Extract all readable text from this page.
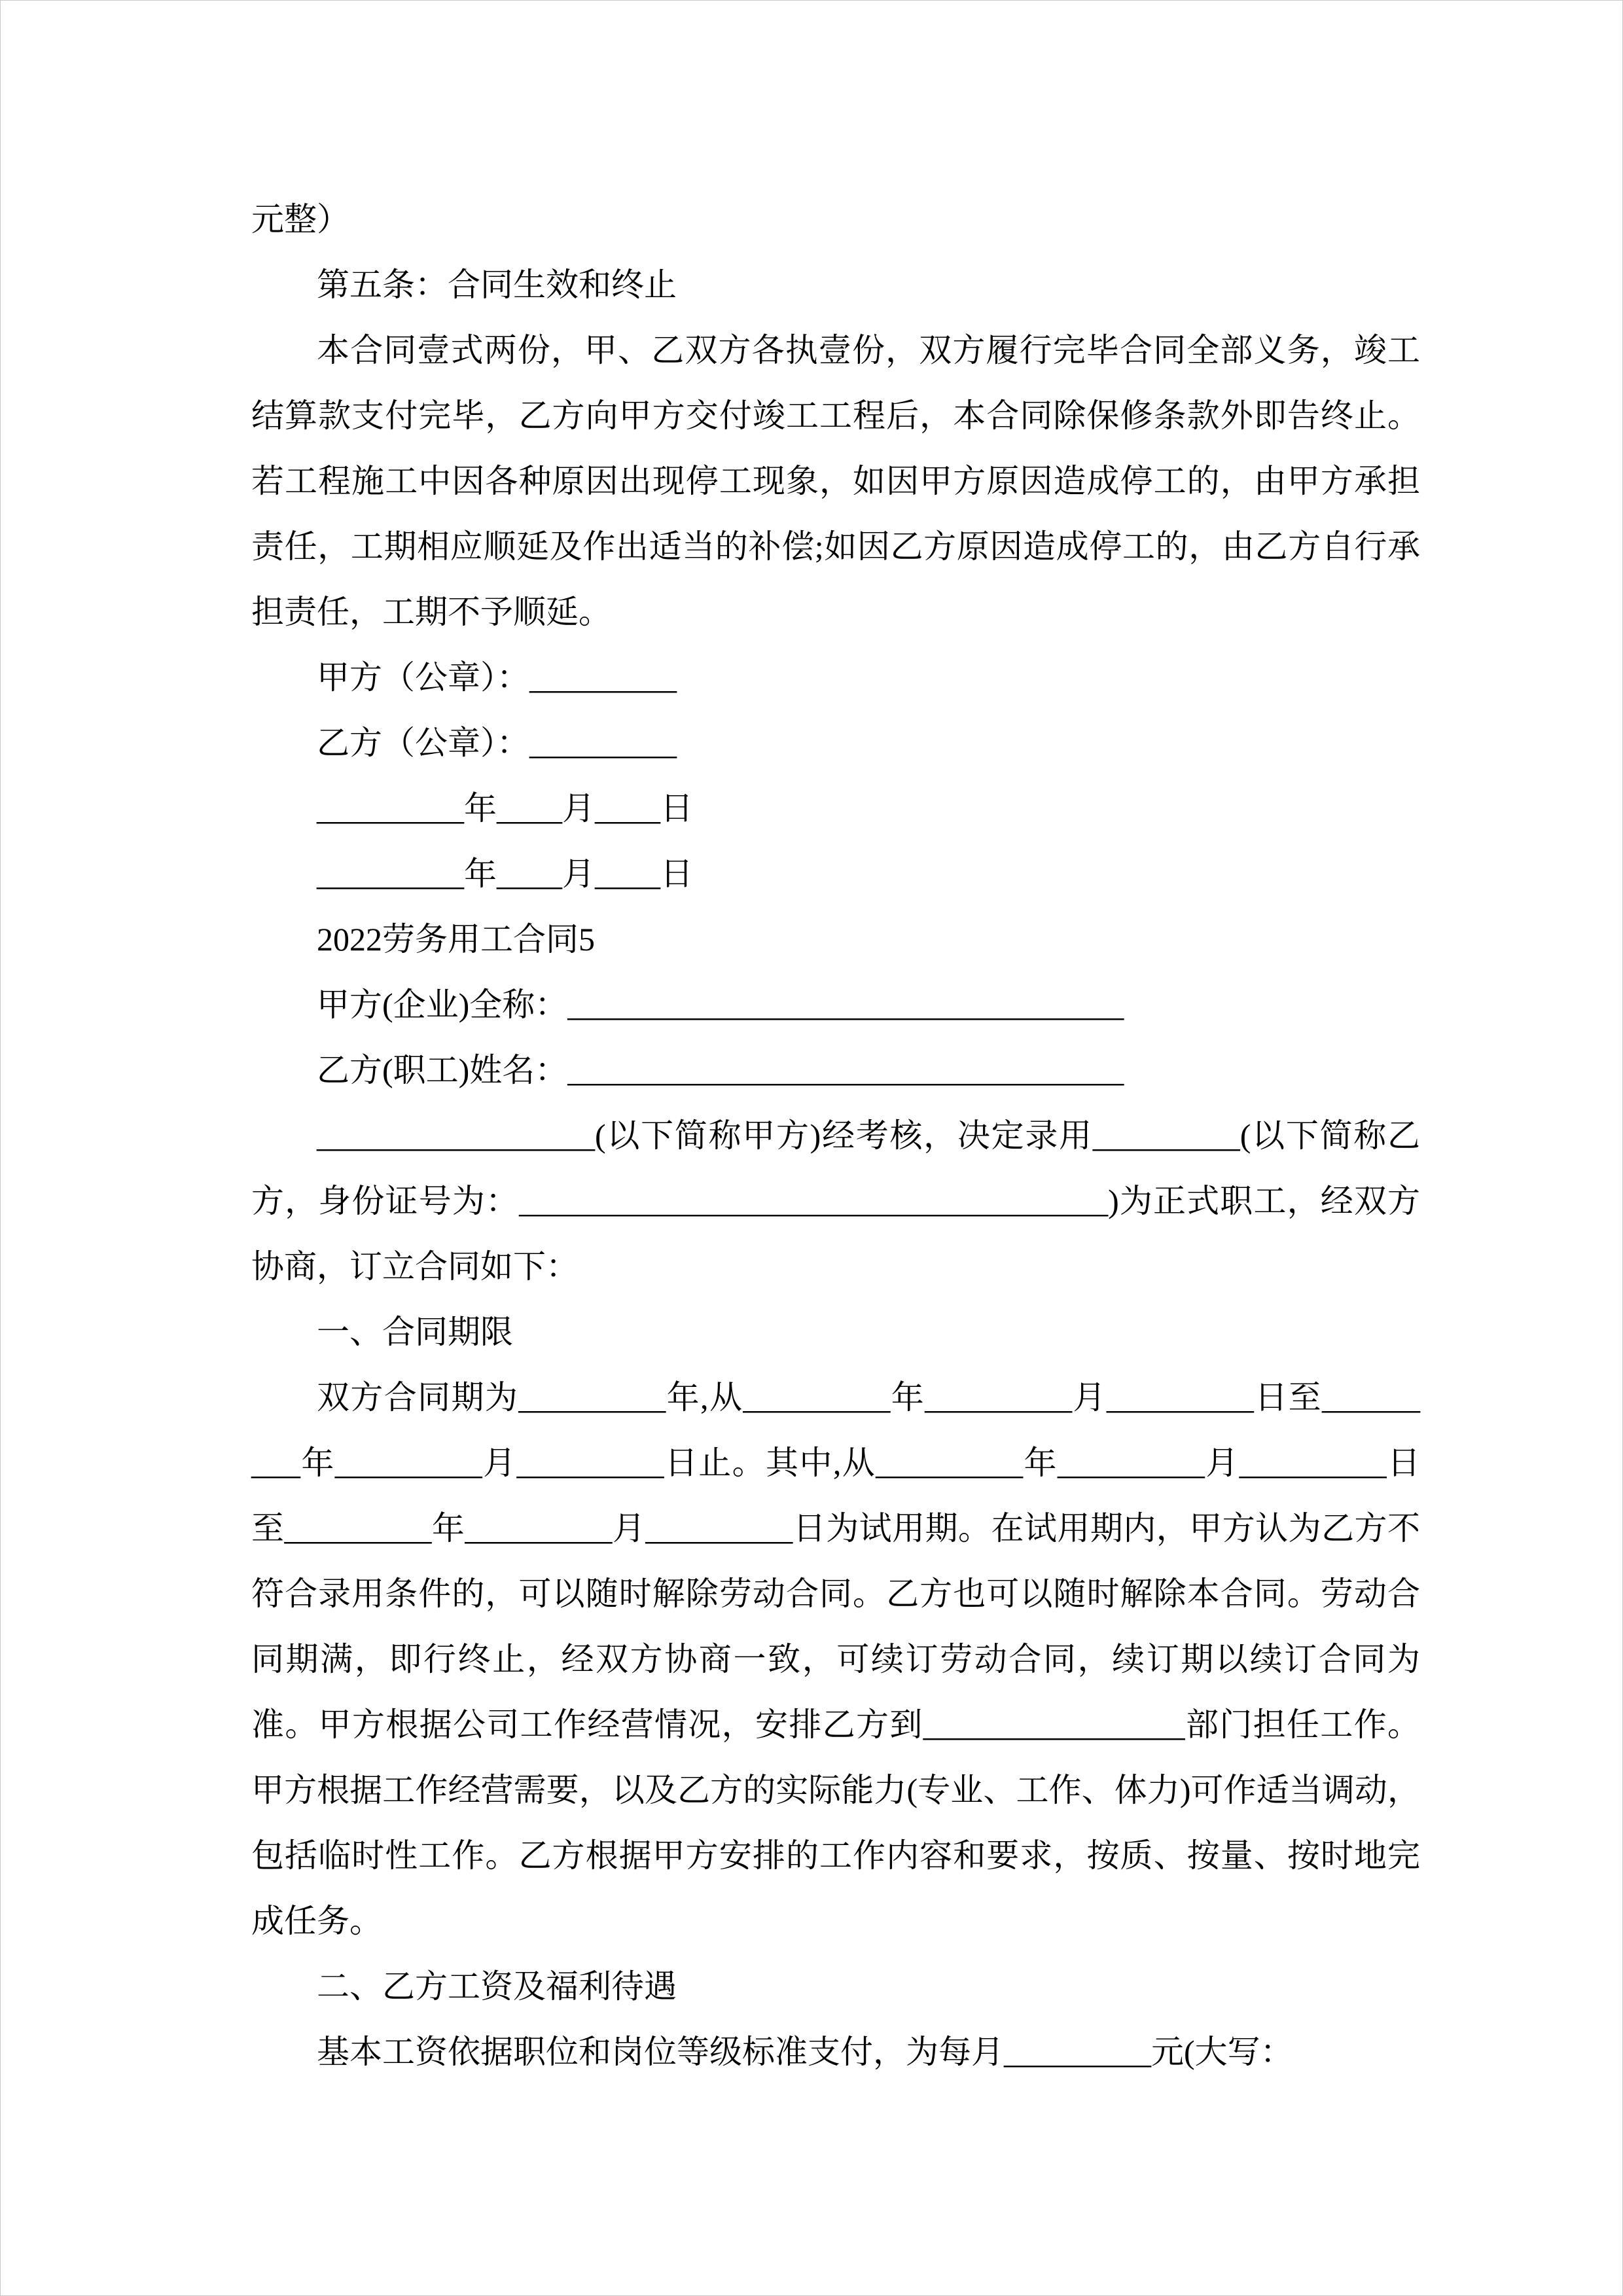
元整）

第五条：合同生效和终止

本合同壹式两份，甲、乙双方各执壹份，双方履行完毕合同全部义务，竣工结算款支付完毕，乙方向甲方交付竣工工程后，本合同除保修条款外即告终止。若工程施工中因各种原因出现停工现象，如因甲方原因造成停工的，由甲方承担责任，工期相应顺延及作出适当的补偿;如因乙方原因造成停工的，由乙方自行承担责任，工期不予顺延。

甲方（公章）：_________

乙方（公章）：_________

_________年____月____日

_________年____月____日

2022劳务用工合同5

甲方(企业)全称：__________________________________

乙方(职工)姓名：__________________________________

_________________(以下简称甲方)经考核，决定录用_________(以下简称乙方，身份证号为：____________________________________)为正式职工，经双方协商，订立合同如下：

一、合同期限

双方合同期为_________年,从_________年_________月_________日至_________年_________月_________日止。其中,从_________年_________月_________日至_________年_________月_________日为试用期。在试用期内，甲方认为乙方不符合录用条件的，可以随时解除劳动合同。乙方也可以随时解除本合同。劳动合同期满，即行终止，经双方协商一致，可续订劳动合同，续订期以续订合同为准。甲方根据公司工作经营情况，安排乙方到________________部门担任工作。甲方根据工作经营需要，以及乙方的实际能力(专业、工作、体力)可作适当调动，包括临时性工作。乙方根据甲方安排的工作内容和要求，按质、按量、按时地完成任务。

二、乙方工资及福利待遇

基本工资依据职位和岗位等级标准支付，为每月_________元(大写：
